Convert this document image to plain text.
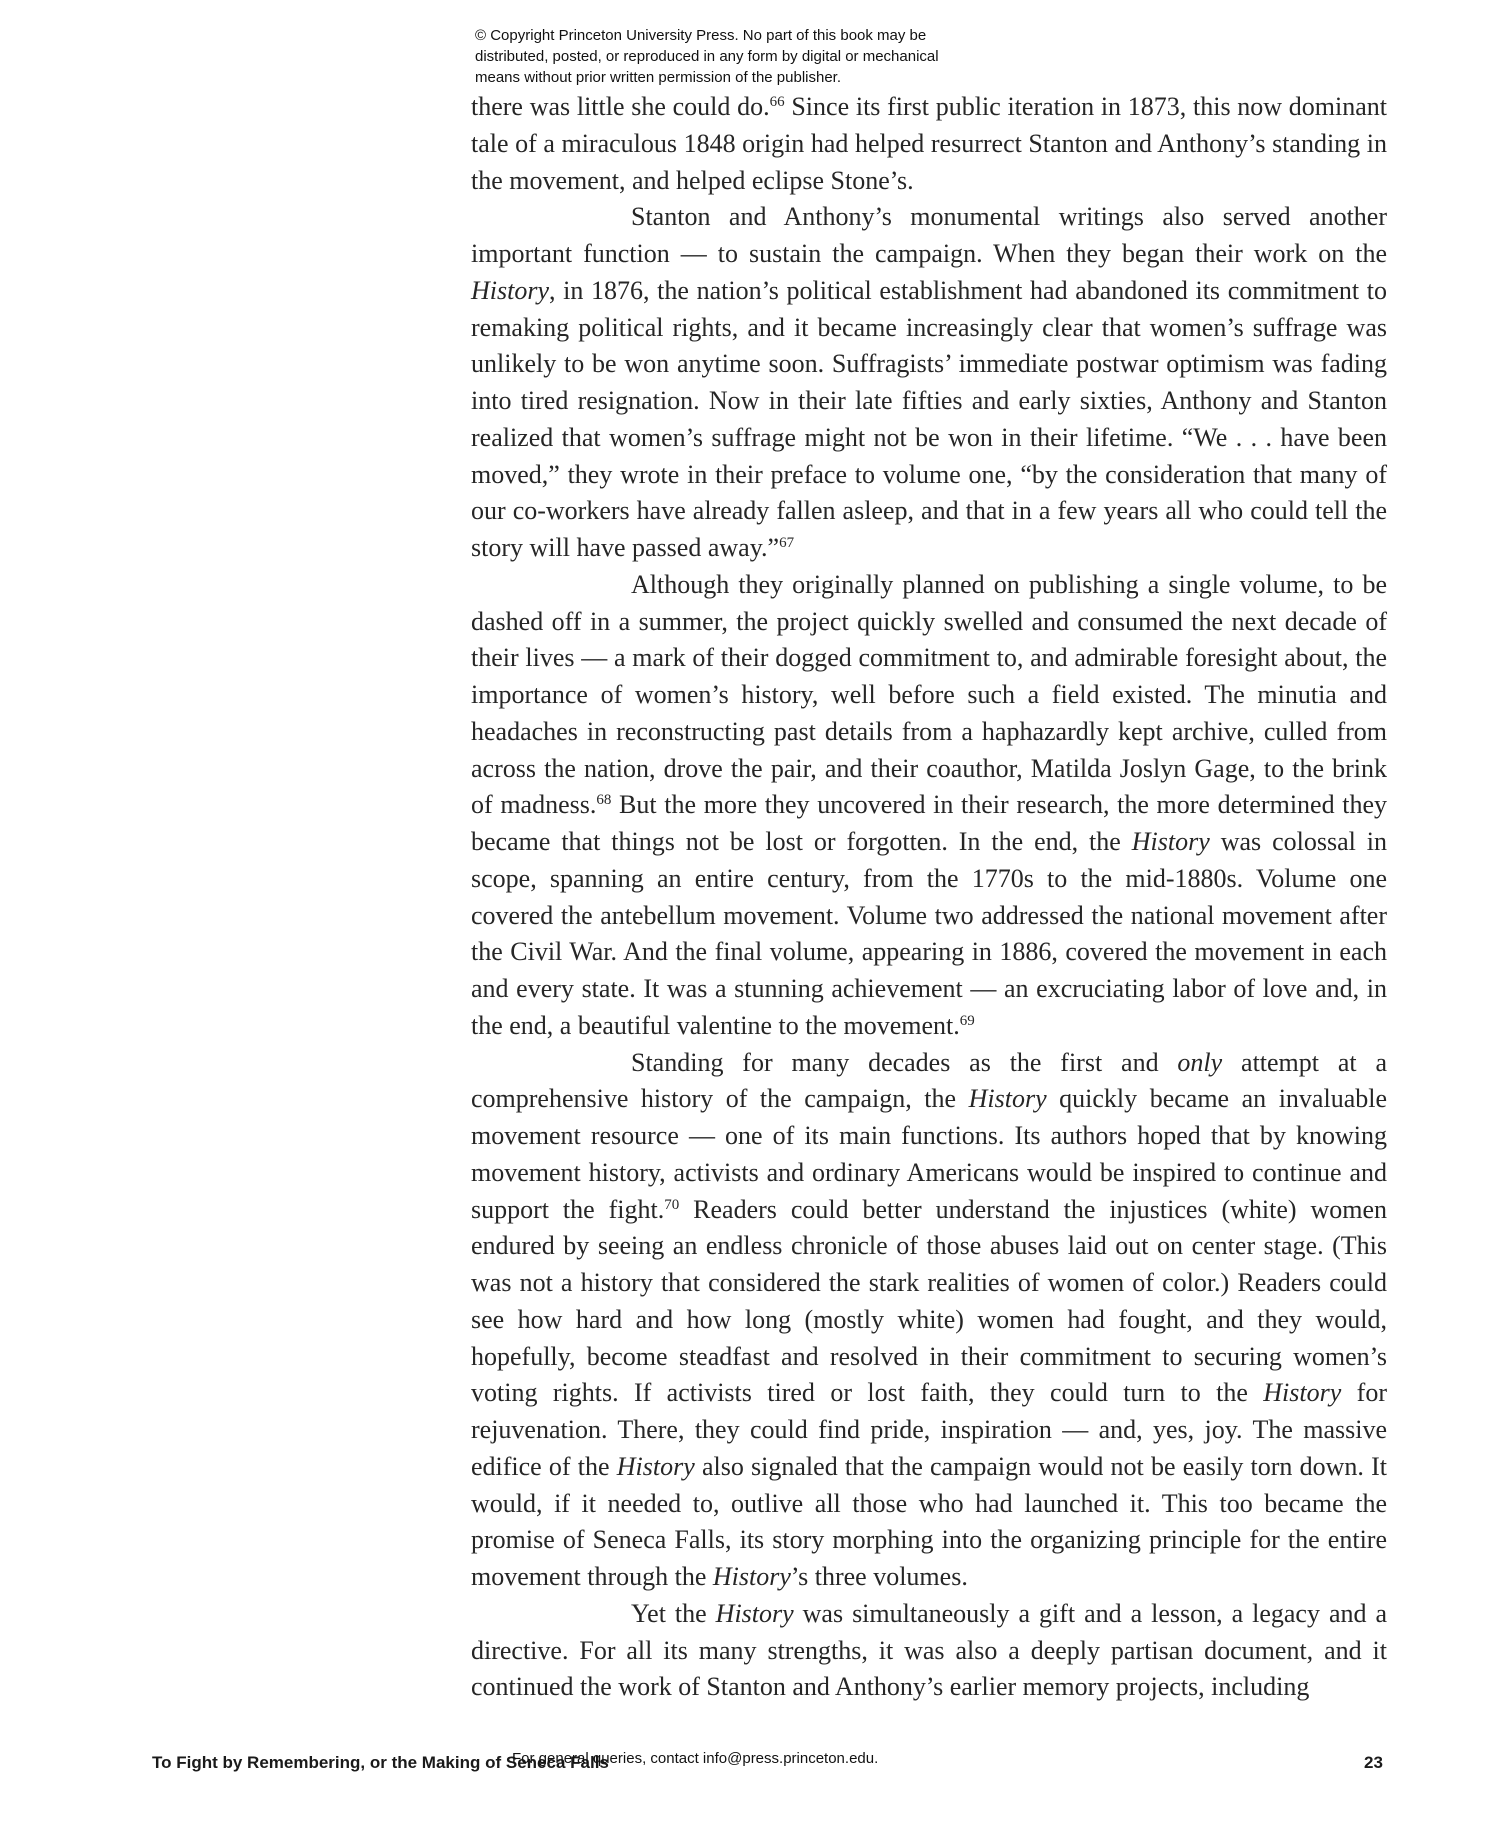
© Copyright Princeton University Press. No part of this book may be
distributed, posted, or reproduced in any form by digital or mechanical
means without prior written permission of the publisher.

there was little she could do.$^{66}$ Since its first public iteration in 1873, this now dominant tale of a miraculous 1848 origin had helped resurrect Stanton and Anthony’s standing in the movement, and helped eclipse Stone’s.

Stanton and Anthony’s monumental writings also served another important function — to sustain the campaign. When they began their work on the History, in 1876, the nation’s political establishment had abandoned its commitment to remaking political rights, and it became increasingly clear that women’s suffrage was unlikely to be won anytime soon. Suffragists’ immediate postwar optimism was fading into tired resignation. Now in their late fifties and early sixties, Anthony and Stanton realized that women’s suffrage might not be won in their lifetime. “We . . . have been moved,” they wrote in their preface to volume one, “by the consideration that many of our co-workers have already fallen asleep, and that in a few years all who could tell the story will have passed away.”$^{67}$

Although they originally planned on publishing a single volume, to be dashed off in a summer, the project quickly swelled and consumed the next decade of their lives — a mark of their dogged commitment to, and admirable foresight about, the importance of women’s history, well before such a field existed. The minutia and headaches in reconstructing past details from a haphazardly kept archive, culled from across the nation, drove the pair, and their coauthor, Matilda Joslyn Gage, to the brink of madness.$^{68}$ But the more they uncovered in their research, the more determined they became that things not be lost or forgotten. In the end, the History was colossal in scope, spanning an entire century, from the 1770s to the mid-1880s. Volume one covered the antebellum movement. Volume two addressed the national movement after the Civil War. And the final volume, appearing in 1886, covered the movement in each and every state. It was a stunning achievement — an excruciating labor of love and, in the end, a beautiful valentine to the movement.$^{69}$

Standing for many decades as the first and only attempt at a comprehensive history of the campaign, the History quickly became an invaluable movement resource — one of its main functions. Its authors hoped that by knowing movement history, activists and ordinary Americans would be inspired to continue and support the fight.$^{70}$ Readers could better understand the injustices (white) women endured by seeing an endless chronicle of those abuses laid out on center stage. (This was not a history that considered the stark realities of women of color.) Readers could see how hard and how long (mostly white) women had fought, and they would, hopefully, become steadfast and resolved in their commitment to securing women’s voting rights. If activists tired or lost faith, they could turn to the History for rejuvenation. There, they could find pride, inspiration — and, yes, joy. The massive edifice of the History also signaled that the campaign would not be easily torn down. It would, if it needed to, outlive all those who had launched it. This too became the promise of Seneca Falls, its story morphing into the organizing principle for the entire movement through the History’s three volumes.

Yet the History was simultaneously a gift and a lesson, a legacy and a directive. For all its many strengths, it was also a deeply partisan document, and it continued the work of Stanton and Anthony’s earlier memory projects, including

To Fight by Remembering, or the Making of Seneca Falls
For general queries, contact info@press.princeton.edu.	23
